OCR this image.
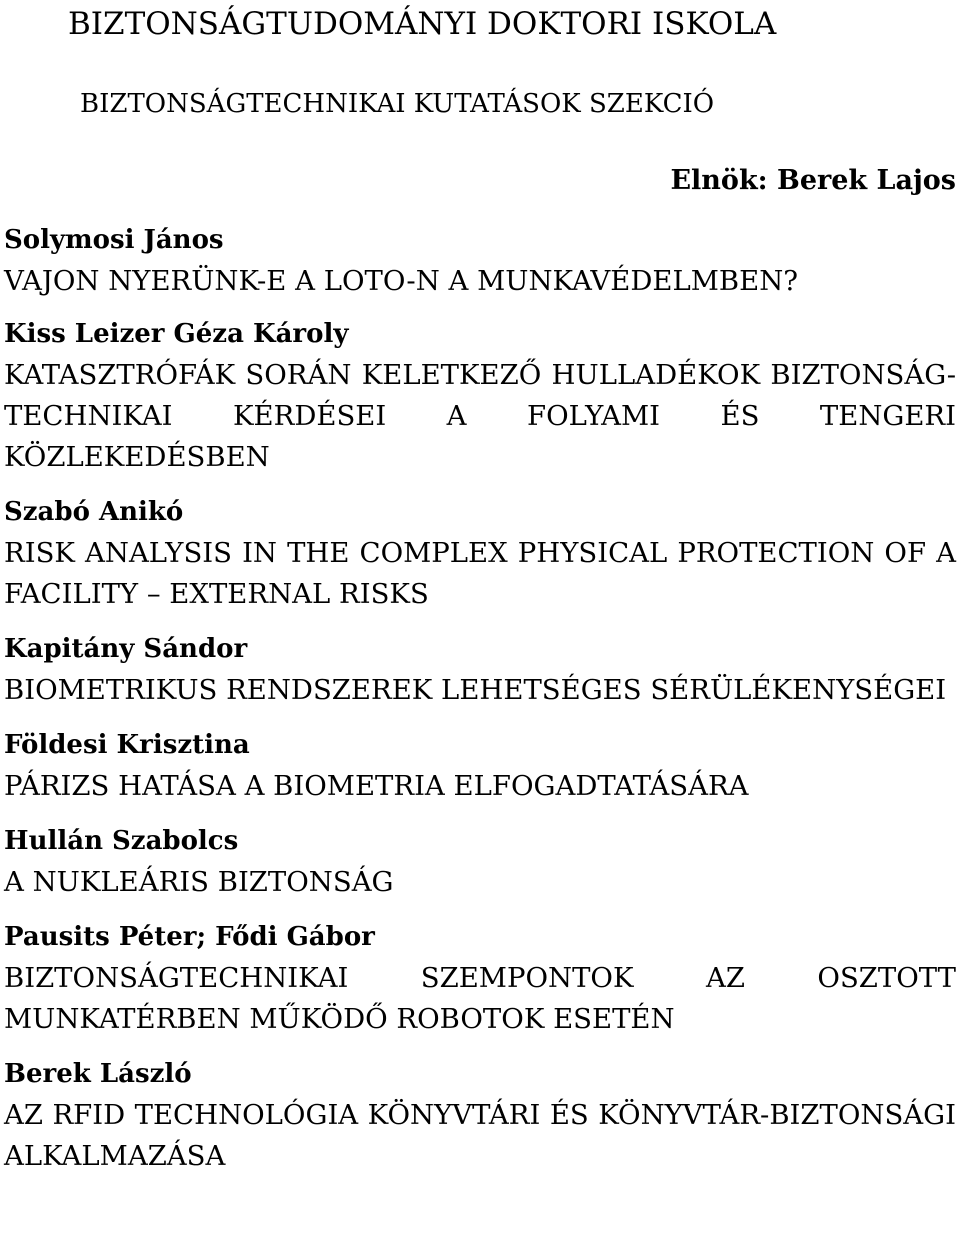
BIZTONSÁGTUDOMÁNYI DOKTORI ISKOLA
BIZTONSÁGTECHNIKAI KUTATÁSOK SZEKCIÓ
Elnök: Berek Lajos
Solymosi János
VAJON NYERÜNK-E A LOTO-N A MUNKAVÉDELMBEN?
Kiss Leizer Géza Károly
KATASZTRÓFÁK SORÁN KELETKEZŐ HULLADÉKOK BIZTONSÁG-TECHNIKAI KÉRDÉSEI A FOLYAMI ÉS TENGERI KÖZLEKEDÉSBEN
Szabó Anikó
RISK ANALYSIS IN THE COMPLEX PHYSICAL PROTECTION OF A FACILITY – EXTERNAL RISKS
Kapitány Sándor
BIOMETRIKUS RENDSZEREK LEHETSÉGES SÉRÜLÉKENYSÉGEI
Földesi Krisztina
PÁRIZS HATÁSA A BIOMETRIA ELFOGADTATÁSÁRA
Hullán Szabolcs
A NUKLEÁRIS BIZTONSÁG
Pausits Péter; Fődi Gábor
BIZTONSÁGTECHNIKAI SZEMPONTOK AZ OSZTOTT MUNKATÉRBEN MŰKÖDŐ ROBOTOK ESETÉN
Berek László
AZ RFID TECHNOLÓGIA KÖNYVTÁRI ÉS KÖNYVTÁR-BIZTONSÁGI ALKALMAZÁSA
